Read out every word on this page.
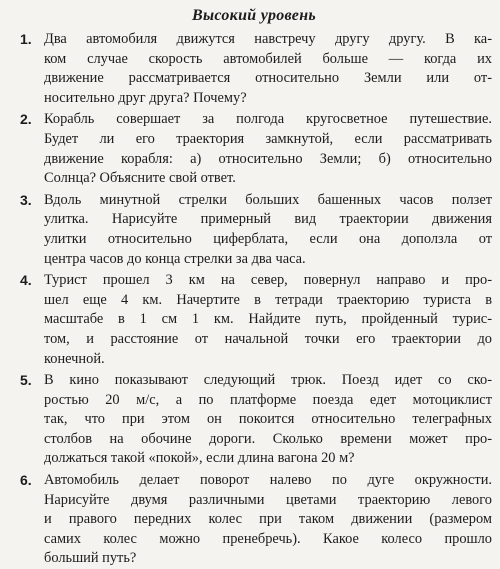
Высокий уровень
1. Два автомобиля движутся навстречу другу другу. В ка-
ком случае скорость автомобилей больше — когда их
движение рассматривается относительно Земли или от-
носительно друг друга? Почему?
2. Корабль совершает за полгода кругосветное путешествие.
Будет ли его траектория замкнутой, если рассматривать
движение корабля: а) относительно Земли; б) относительно
Солнца? Объясните свой ответ.
3. Вдоль минутной стрелки больших башенных часов ползет
улитка. Нарисуйте примерный вид траектории движения
улитки относительно циферблата, если она доползла от
центра часов до конца стрелки за два часа.
4. Турист прошел 3 км на север, повернул направо и про-
шел еще 4 км. Начертите в тетради траекторию туриста в
масштабе в 1 см 1 км. Найдите путь, пройденный турис-
том, и расстояние от начальной точки его траектории до
конечной.
5. В кино показывают следующий трюк. Поезд идет со ско-
ростью 20 м/с, а по платформе поезда едет мотоциклист
так, что при этом он покоится относительно телеграфных
столбов на обочине дороги. Сколько времени может про-
должаться такой «покой», если длина вагона 20 м?
6. Автомобиль делает поворот налево по дуге окружности.
Нарисуйте двумя различными цветами траекторию левого
и правого передних колес при таком движении (размером
самих колес можно пренебречь). Какое колесо прошло
больший путь?
